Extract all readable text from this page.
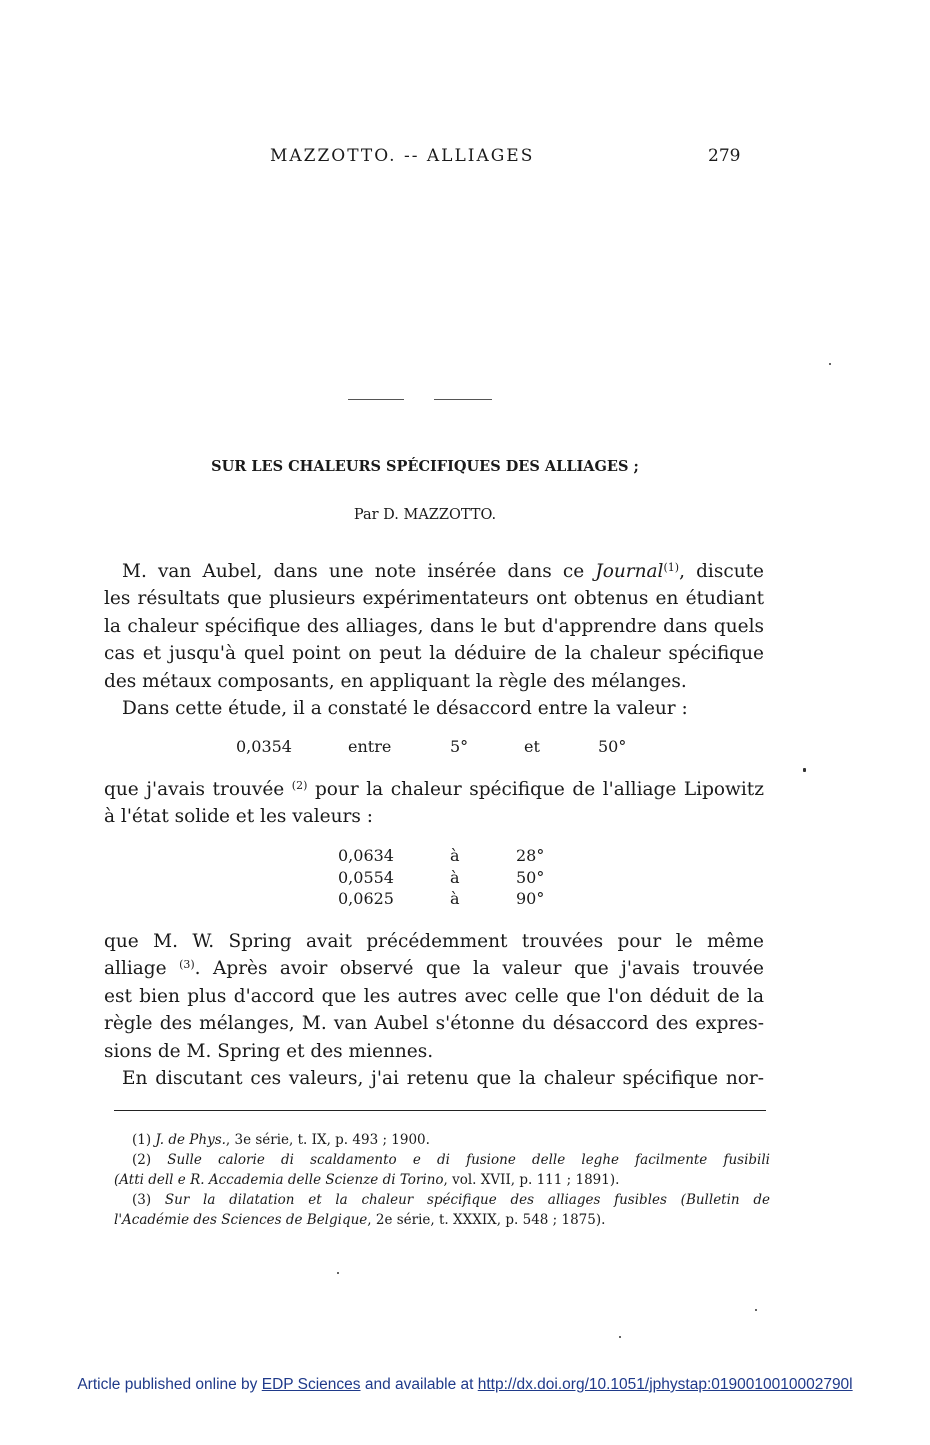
MAZZOTTO. -- ALLIAGES	279
SUR LES CHALEURS SPÉCIFIQUES DES ALLIAGES ;
Par D. MAZZOTTO.
M. van Aubel, dans une note insérée dans ce Journal$^{(1)}$, discute
les résultats que plusieurs expérimentateurs ont obtenus en étudiant
la chaleur spécifique des alliages, dans le but d'apprendre dans quels
cas et jusqu'à quel point on peut la déduire de la chaleur spécifique
des métaux composants, en appliquant la règle des mélanges.
Dans cette étude, il a constaté le désaccord entre la valeur :
0,0354	entre	5°	et	50°
que j'avais trouvée $^{(2)}$ pour la chaleur spécifique de l'alliage Lipowitz
à l'état solide et les valeurs :
0,0634	à	28°
0,0554	à	50°
0,0625	à	90°
que M. W. Spring avait précédemment trouvées pour le même
alliage $^{(3)}$. Après avoir observé que la valeur que j'avais trouvée
est bien plus d'accord que les autres avec celle que l'on déduit de la
règle des mélanges, M. van Aubel s'étonne du désaccord des expres-
sions de M. Spring et des miennes.
En discutant ces valeurs, j'ai retenu que la chaleur spécifique nor-
(1) J. de Phys., 3e série, t. IX, p. 493 ; 1900.
(2) Sulle calorie di scaldamento e di fusione delle leghe facilmente fusibili
(Atti dell e R. Accademia delle Scienze di Torino, vol. XVII, p. 111 ; 1891).
(3) Sur la dilatation et la chaleur spécifique des alliages fusibles (Bulletin de
l'Académie des Sciences de Belgique, 2e série, t. XXXIX, p. 548 ; 1875).
Article published online by EDP Sciences and available at http://dx.doi.org/10.1051/jphystap:0190010010002790l
